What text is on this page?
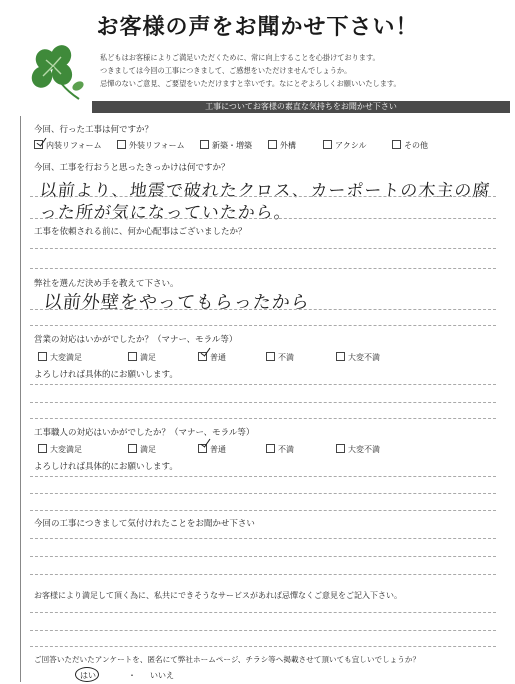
お客様の声をお聞かせ下さい！
私どもはお客様によりご満足いただくために、常に向上することを心掛けております。
つきましては今回の工事につきまして、ご感想をいただけませんでしょうか。
忌憚のないご意見、ご要望をいただけますと幸いです。なにとぞよろしくお願いいたします。
工事についてお客様の素直な気持ちをお聞かせ下さい
今回、行った工事は何ですか？
内装リフォーム	外装リフォーム	新築・増築	外構	アクシル	その他
今回、工事を行おうと思ったきっかけは何ですか？
以前より、地震で破れたクロス、カーポートの木主の腐
った所が気になっていたから。
工事を依頼される前に、何か心配事はございましたか？
弊社を選んだ決め手を教えて下さい。
以前外壁をやってもらったから
営業の対応はいかがでしたか？（マナー、モラル等）
大変満足	満足	普通	不満	大変不満
よろしければ具体的にお願いします。
工事職人の対応はいかがでしたか？（マナー、モラル等）
大変満足	満足	普通	不満	大変不満
よろしければ具体的にお願いします。
今回の工事につきまして気付けれたことをお聞かせ下さい
お客様により満足して頂く為に、私共にできそうなサービスがあれば忌憚なくご意見をご記入下さい。
ご回答いただいたアンケートを、匿名にて弊社ホームページ、チラシ等へ掲載させて頂いても宜しいでしょうか？
はい	・ いいえ
